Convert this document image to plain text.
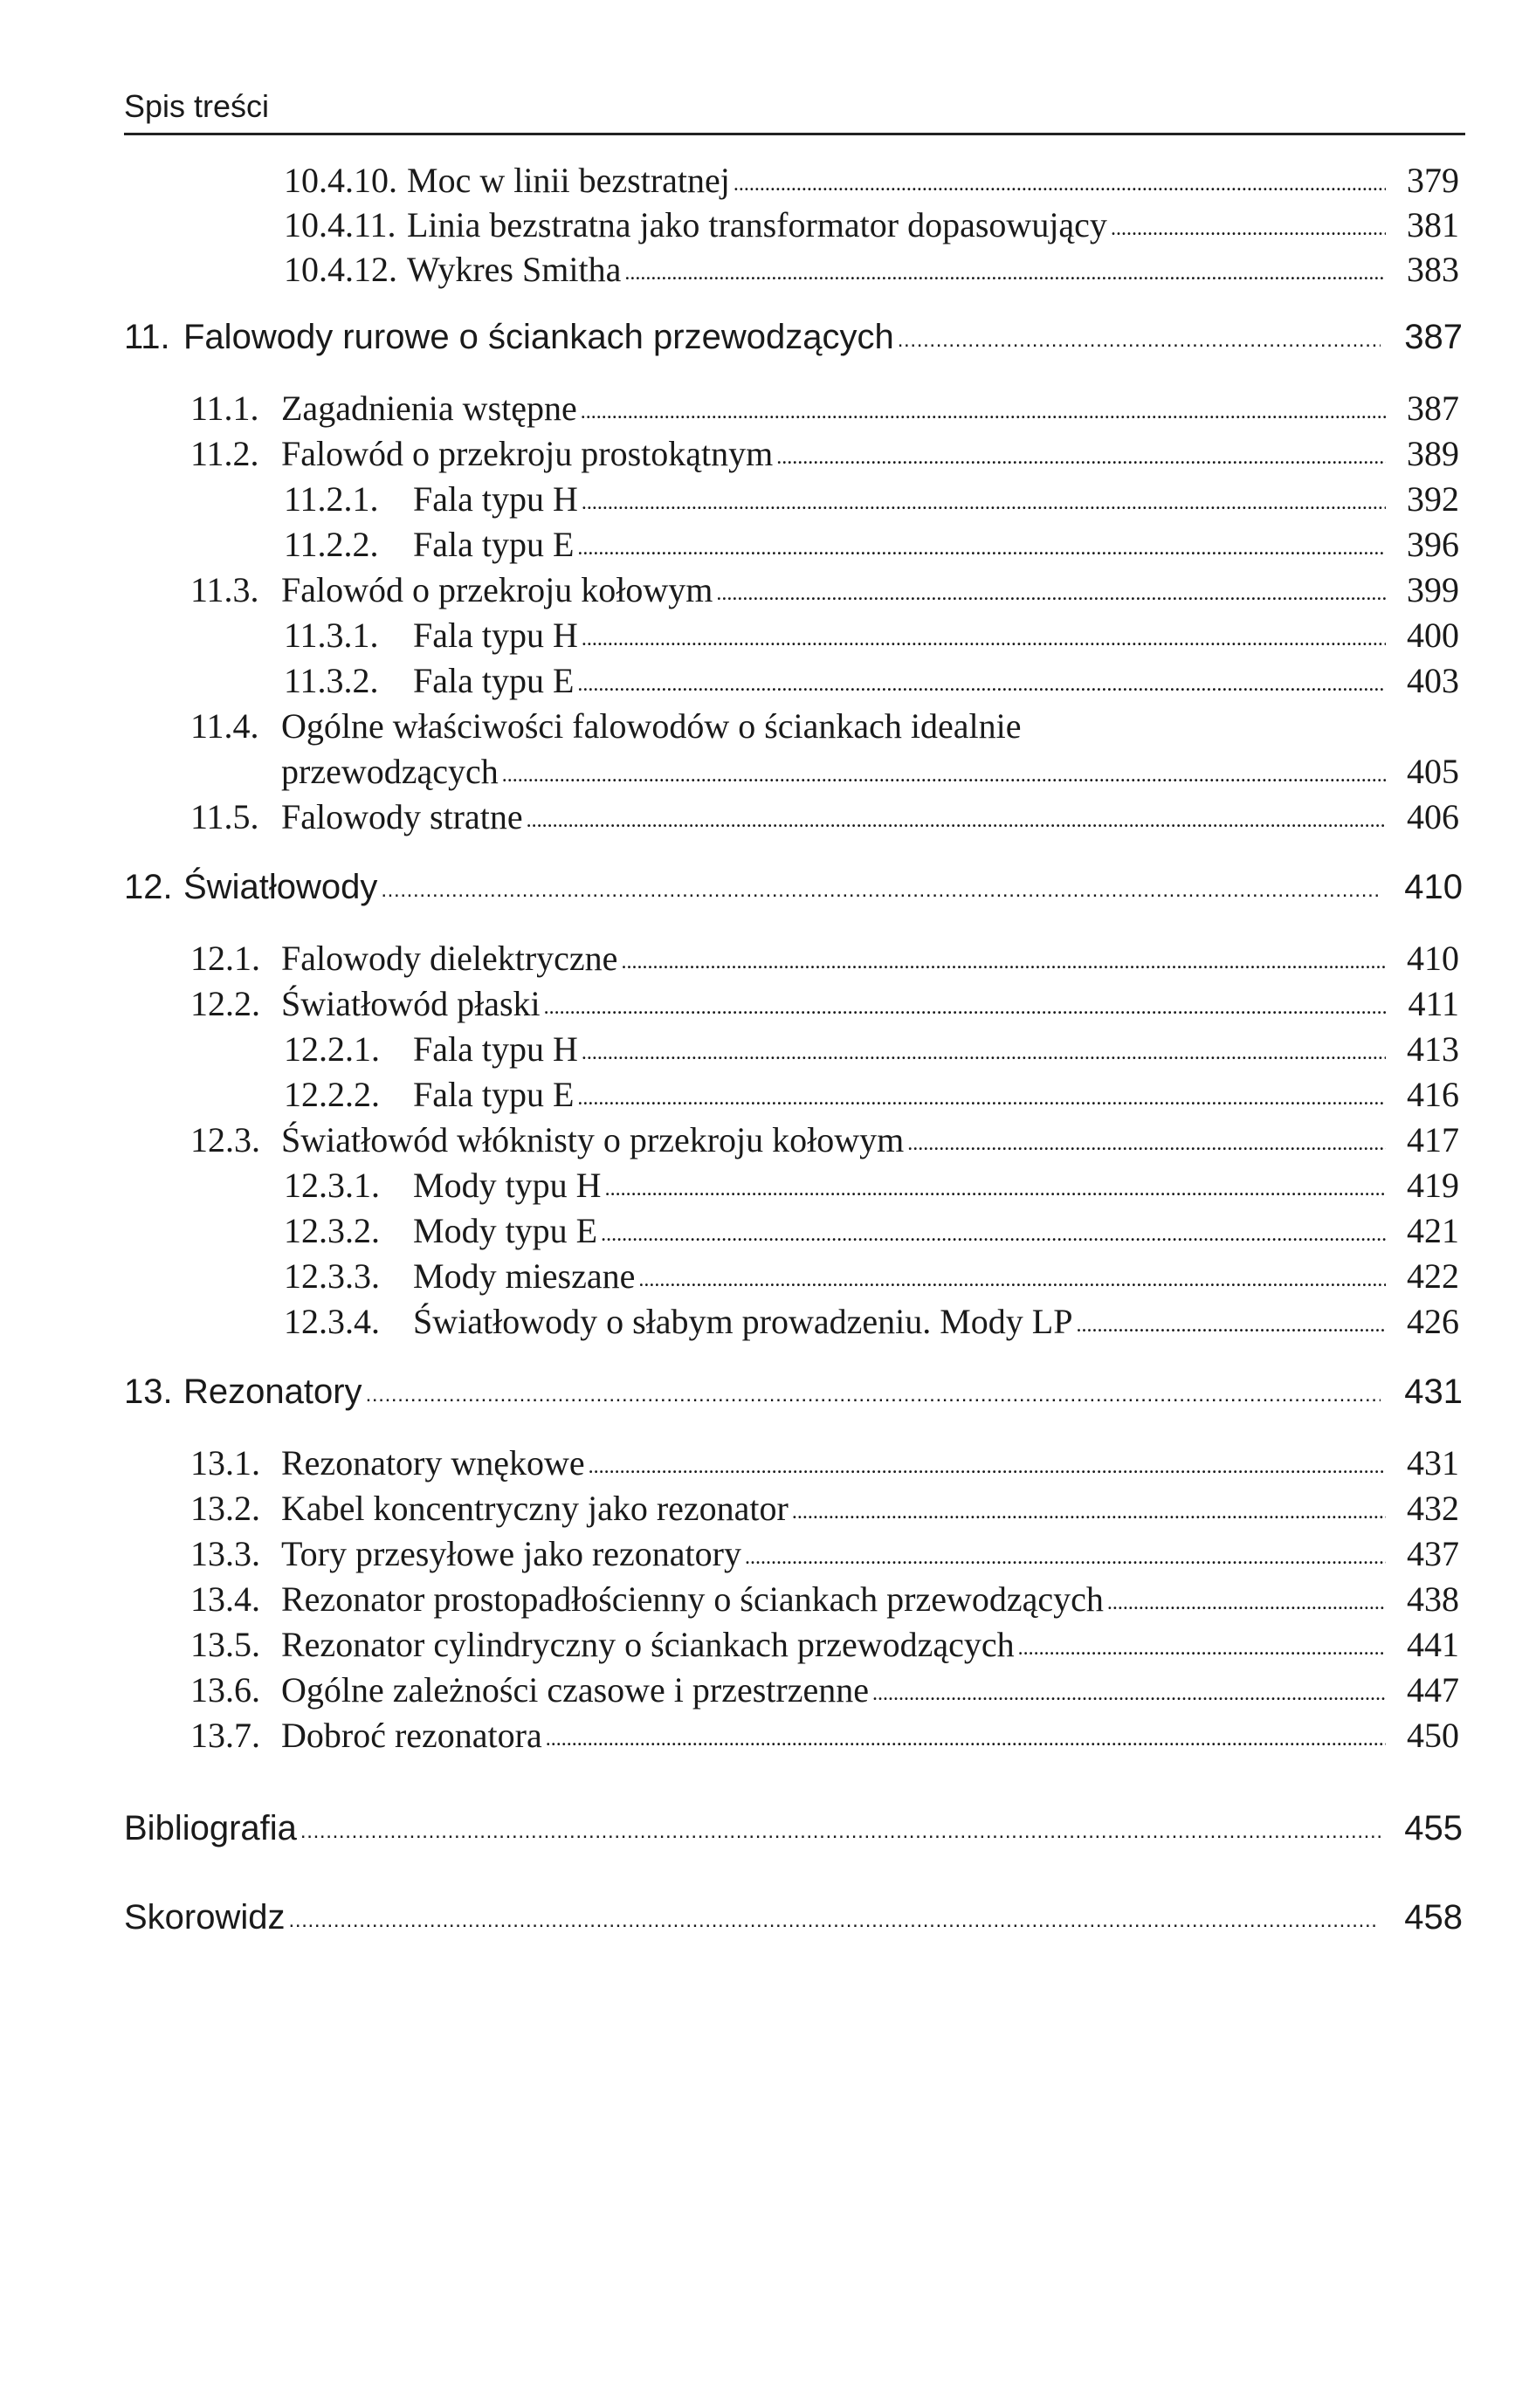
Spis treści
10.4.10. Moc w linii bezstratnej . . .	379
10.4.11. Linia bezstratna jako transformator dopasowujący . . .	381
10.4.12. Wykres Smitha . . .	383
11. Falowody rurowe o ściankach przewodzących . . .	387
11.1. Zagadnienia wstępne . . .	387
11.2. Falowód o przekroju prostokątnym . . .	389
11.2.1. Fala typu H . . .	392
11.2.2. Fala typu E . . .	396
11.3. Falowód o przekroju kołowym . . .	399
11.3.1. Fala typu H . . .	400
11.3.2. Fala typu E . . .	403
11.4. Ogólne właściwości falowodów o ściankach idealnie
przewodzących . . .	405
11.5. Falowody stratne . . .	406
12. Światłowody . . .	410
12.1. Falowody dielektryczne . . .	410
12.2. Światłowód płaski . . .	411
12.2.1. Fala typu H . . .	413
12.2.2. Fala typu E . . .	416
12.3. Światłowód włóknisty o przekroju kołowym . . .	417
12.3.1. Mody typu H . . .	419
12.3.2. Mody typu E . . .	421
12.3.3. Mody mieszane . . .	422
12.3.4. Światłowody o słabym prowadzeniu. Mody LP . . .	426
13. Rezonatory . . .	431
13.1. Rezonatory wnękowe . . .	431
13.2. Kabel koncentryczny jako rezonator . . .	432
13.3. Tory przesyłowe jako rezonatory . . .	437
13.4. Rezonator prostopadłościenny o ściankach przewodzących . . .	438
13.5. Rezonator cylindryczny o ściankach przewodzących . . .	441
13.6. Ogólne zależności czasowe i przestrzenne . . .	447
13.7. Dobroć rezonatora . . .	450
Bibliografia . . .	455
Skorowidz . . .	458
